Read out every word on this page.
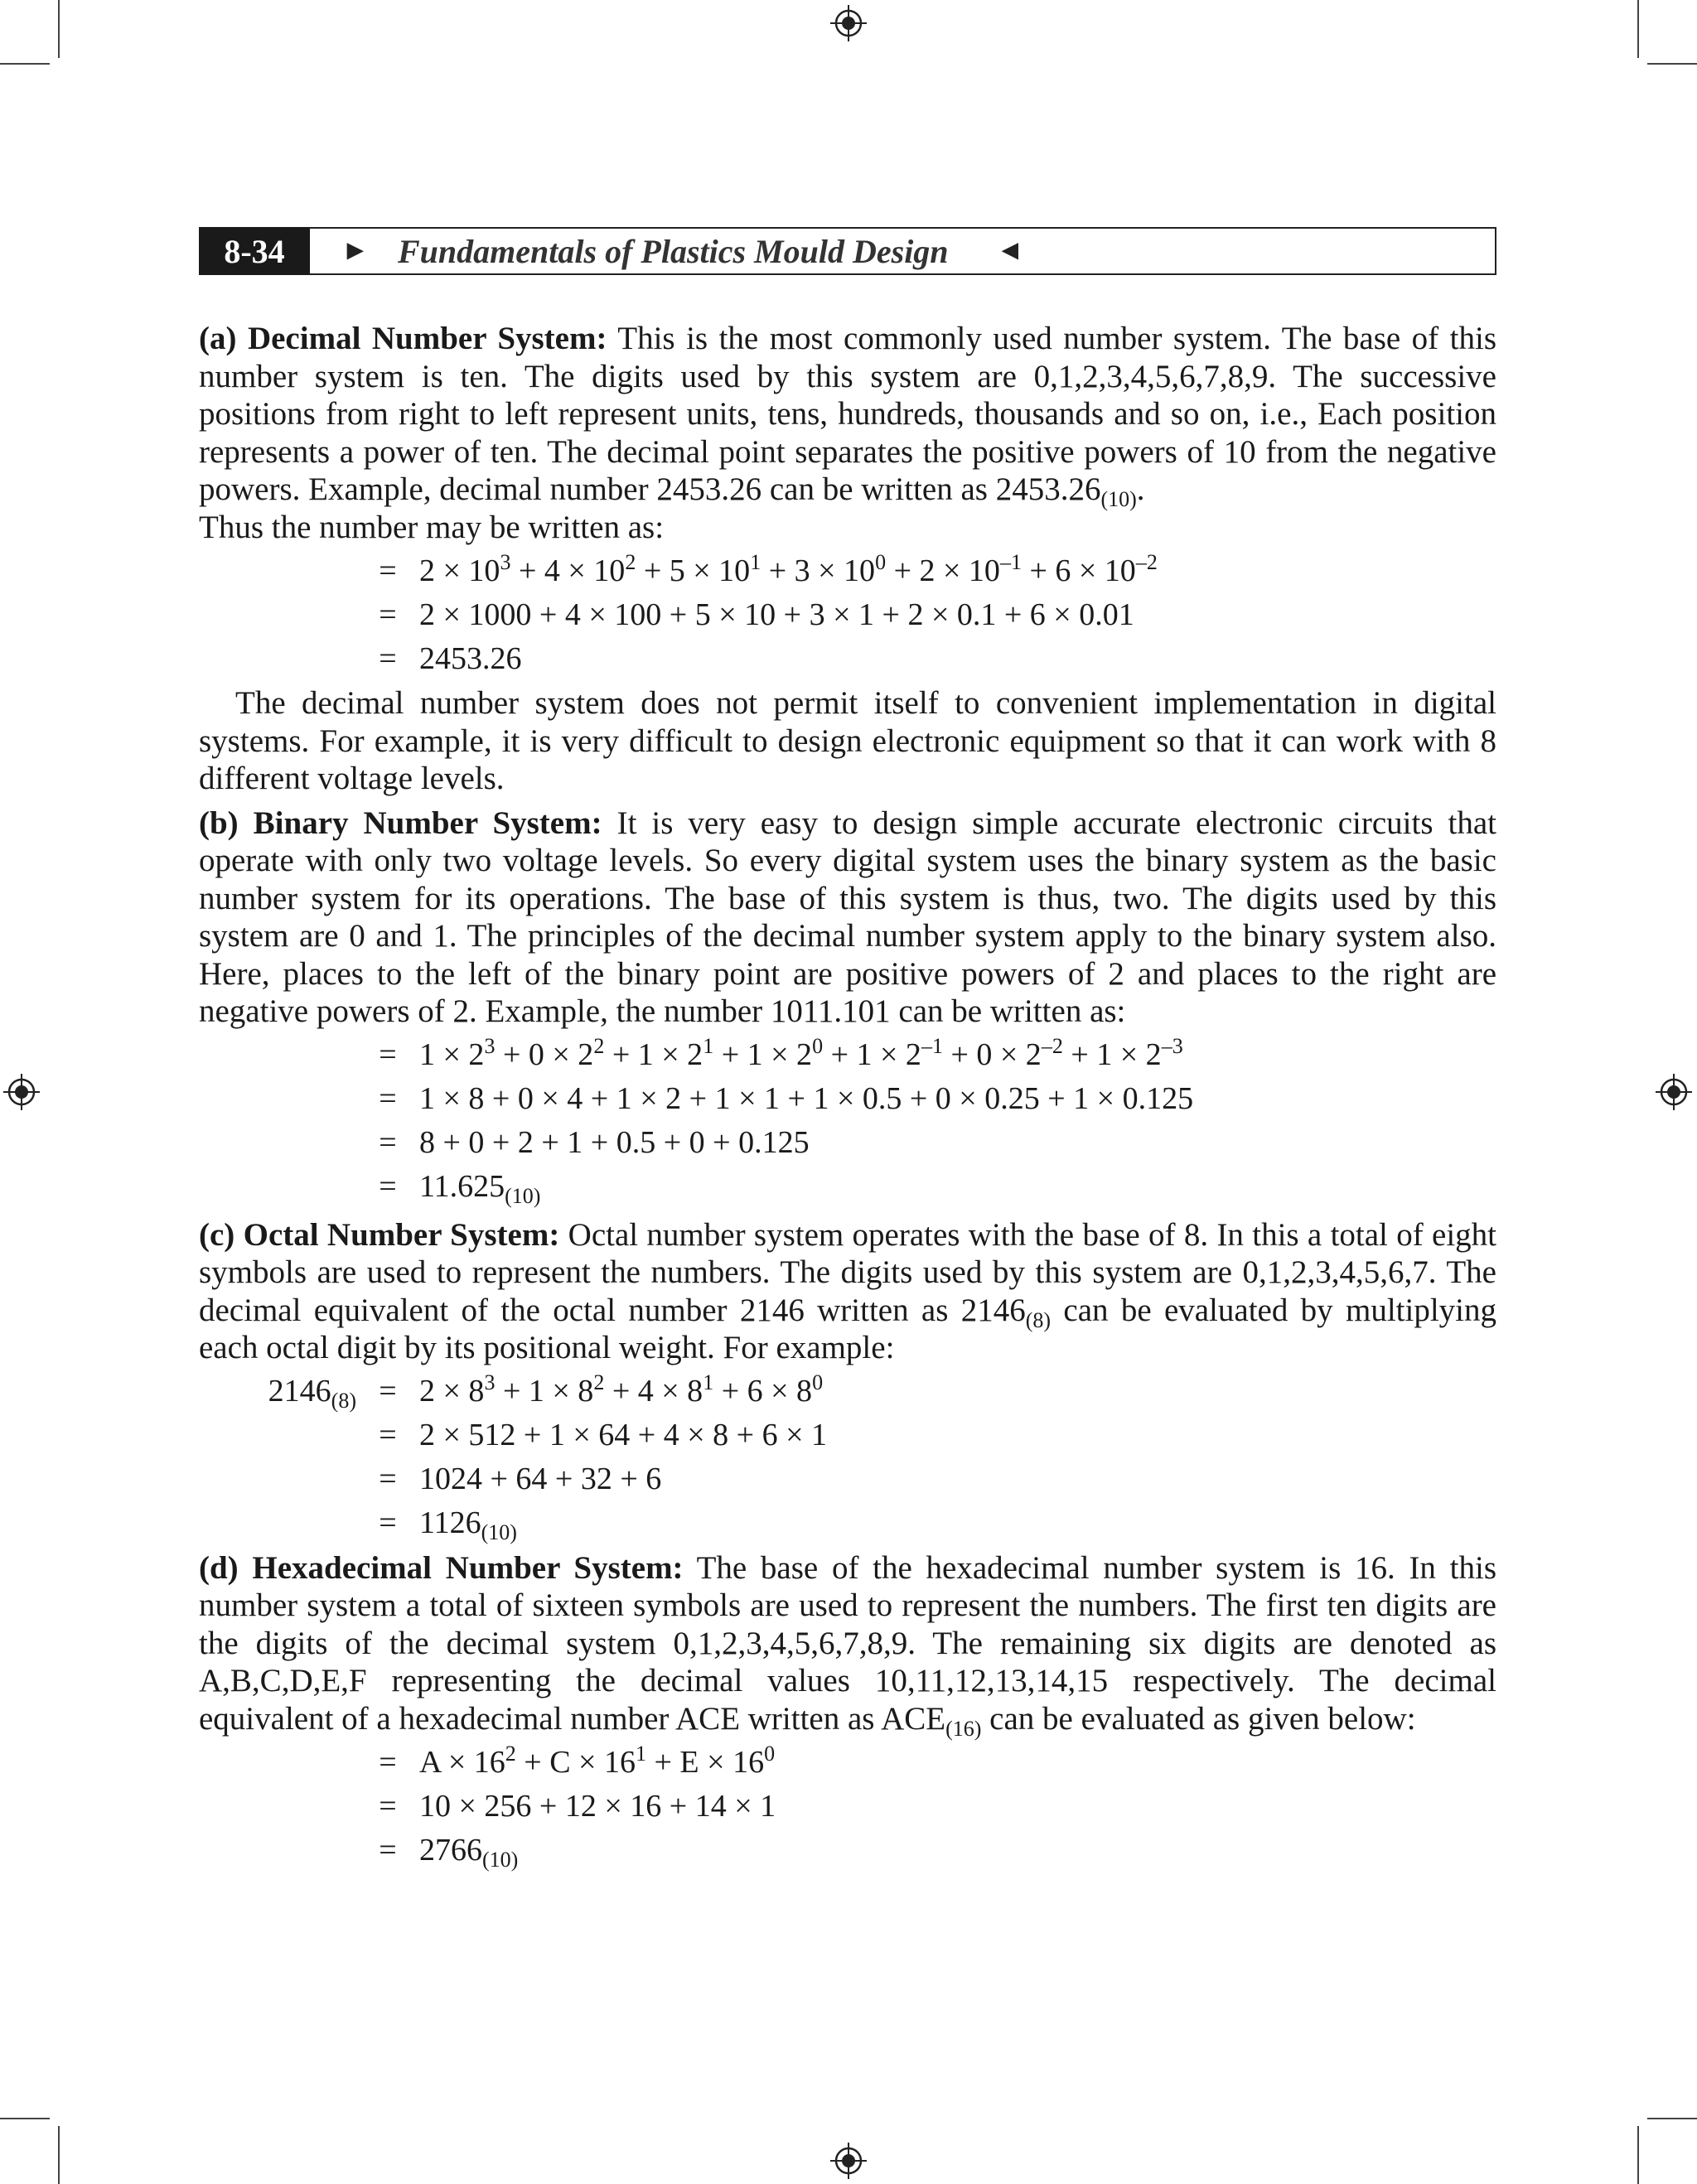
8-34	► Fundamentals of Plastics Mould Design ◄

(a) Decimal Number System: This is the most commonly used number system. The base of this number system is ten. The digits used by this system are 0,1,2,3,4,5,6,7,8,9. The successive positions from right to left represent units, tens, hundreds, thousands and so on, i.e., Each position represents a power of ten. The decimal point separates the positive powers of 10 from the negative powers. Example, decimal number 2453.26 can be written as $2453.26_{(10)}$.

Thus the number may be written as:

= $2 \times 10^3 + 4 \times 10^2 + 5 \times 10^1 + 3 \times 10^0 + 2 \times 10^{-1} + 6 \times 10^{-2}$
= 2 × 1000 + 4 × 100 + 5 × 10 + 3 × 1 + 2 × 0.1 + 6 × 0.01
= 2453.26

The decimal number system does not permit itself to convenient implementation in digital systems. For example, it is very difficult to design electronic equipment so that it can work with 8 different voltage levels.

(b) Binary Number System: It is very easy to design simple accurate electronic circuits that operate with only two voltage levels. So every digital system uses the binary system as the basic number system for its operations. The base of this system is thus, two. The digits used by this system are 0 and 1. The principles of the decimal number system apply to the binary system also. Here, places to the left of the binary point are positive powers of 2 and places to the right are negative powers of 2. Example, the number 1011.101 can be written as:

= $1 \times 2^3 + 0 \times 2^2 + 1 \times 2^1 + 1 \times 2^0 + 1 \times 2^{-1} + 0 \times 2^{-2} + 1 \times 2^{-3}$
= 1 × 8 + 0 × 4 + 1 × 2 + 1 × 1 + 1 × 0.5 + 0 × 0.25 + 1 × 0.125
= 8 + 0 + 2 + 1 + 0.5 + 0 + 0.125
= $11.625_{(10)}$

(c) Octal Number System: Octal number system operates with the base of 8. In this a total of eight symbols are used to represent the numbers. The digits used by this system are 0,1,2,3,4,5,6,7. The decimal equivalent of the octal number 2146 written as $2146_{(8)}$ can be evaluated by multiplying each octal digit by its positional weight. For example:

$2146_{(8)} = 2 \times 8^3 + 1 \times 8^2 + 4 \times 8^1 + 6 \times 8^0$
= 2 × 512 + 1 × 64 + 4 × 8 + 6 × 1
= 1024 + 64 + 32 + 6
= $1126_{(10)}$

(d) Hexadecimal Number System: The base of the hexadecimal number system is 16. In this number system a total of sixteen symbols are used to represent the numbers. The first ten digits are the digits of the decimal system 0,1,2,3,4,5,6,7,8,9. The remaining six digits are denoted as A,B,C,D,E,F representing the decimal values 10,11,12,13,14,15 respectively. The decimal equivalent of a hexadecimal number ACE written as $ACE_{(16)}$ can be evaluated as given below:

= $A \times 16^2 + C \times 16^1 + E \times 16^0$
= 10 × 256 + 12 × 16 + 14 × 1
= $2766_{(10)}$
